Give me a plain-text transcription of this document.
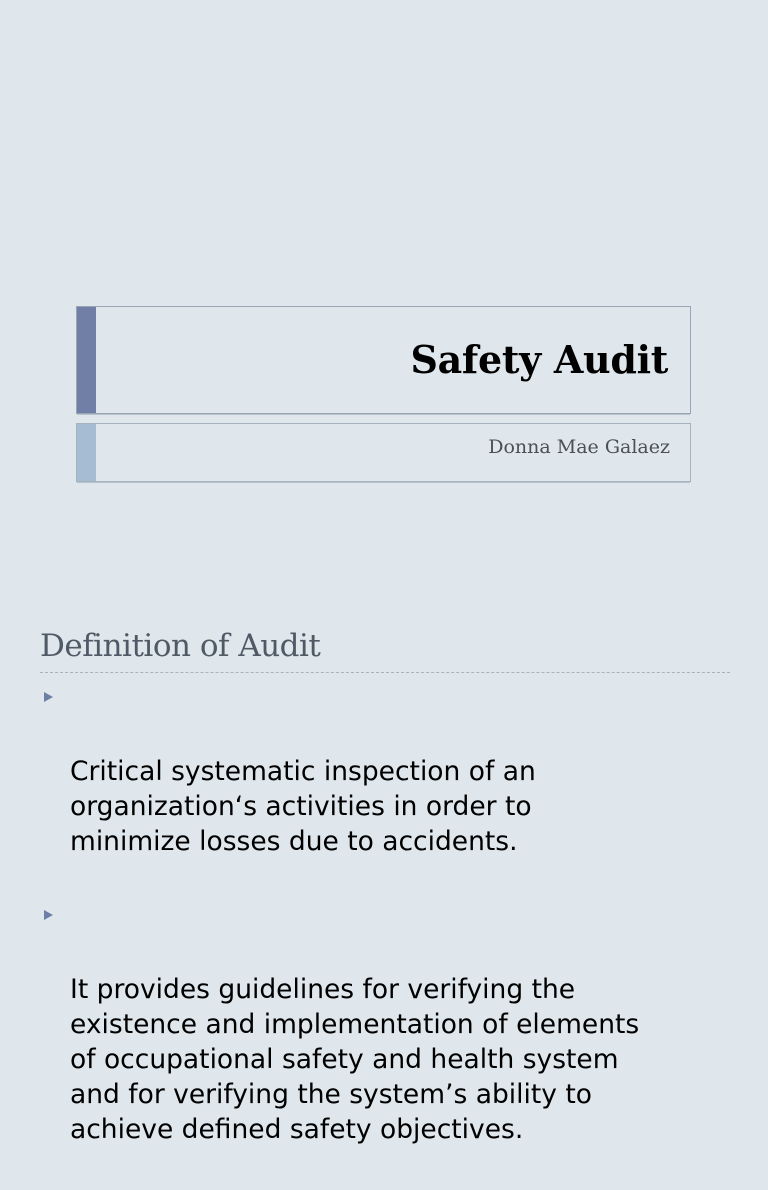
Safety Audit
Donna Mae Galaez
Definition of Audit

Critical systematic inspection of an
organization‘s activities in order to
minimize losses due to accidents.

It provides guidelines for verifying the
existence and implementation of elements
of occupational safety and health system
and for verifying the system’s ability to
achieve defined safety objectives.
